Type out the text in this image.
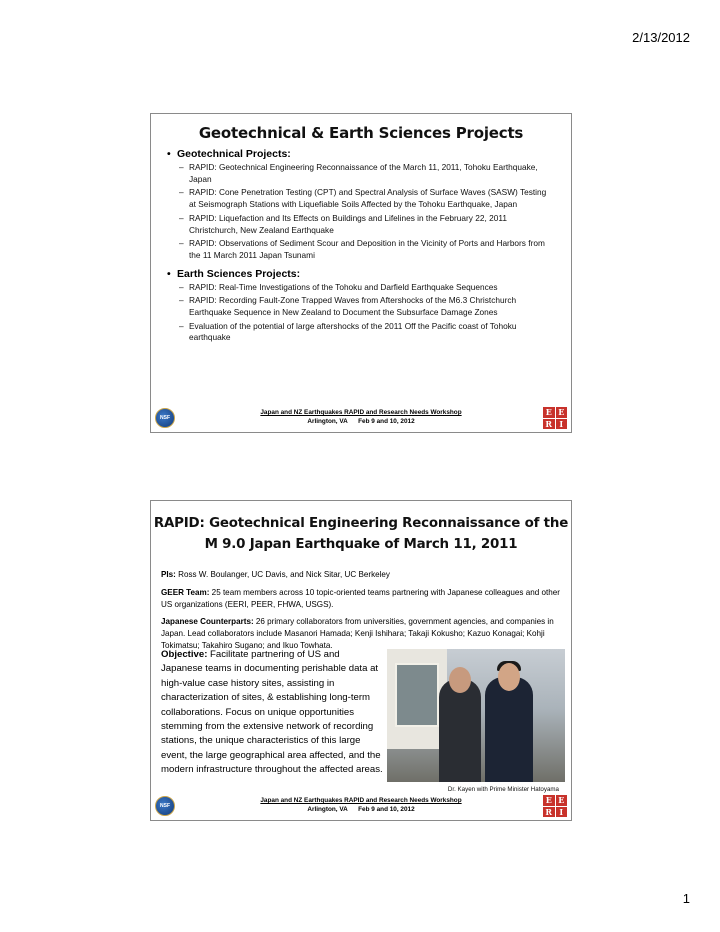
2/13/2012
Geotechnical & Earth Sciences Projects
• Geotechnical Projects:
– RAPID: Geotechnical Engineering Reconnaissance of the March 11, 2011, Tohoku Earthquake, Japan
– RAPID: Cone Penetration Testing (CPT) and Spectral Analysis of Surface Waves (SASW) Testing at Seismograph Stations with Liquefiable Soils Affected by the Tohoku Earthquake, Japan
– RAPID: Liquefaction and Its Effects on Buildings and Lifelines in the February 22, 2011 Christchurch, New Zealand Earthquake
– RAPID: Observations of Sediment Scour and Deposition in the Vicinity of Ports and Harbors from the 11 March 2011 Japan Tsunami
• Earth Sciences Projects:
– RAPID: Real-Time Investigations of the Tohoku and Darfield Earthquake Sequences
– RAPID: Recording Fault-Zone Trapped Waves from Aftershocks of the M6.3 Christchurch Earthquake Sequence in New Zealand to Document the Subsurface Damage Zones
– Evaluation of the potential of large aftershocks of the 2011 Off the Pacific coast of Tohoku earthquake
NSF
Japan and NZ Earthquakes RAPID and Research Needs Workshop
Arlington, VA      Feb 9 and 10, 2012
E E
R I
RAPID: Geotechnical Engineering Reconnaissance of the M 9.0 Japan Earthquake of March 11, 2011

PIs: Ross W. Boulanger, UC Davis, and Nick Sitar, UC Berkeley

GEER Team: 25 team members across 10 topic-oriented teams partnering with Japanese colleagues and other US organizations (EERI, PEER, FHWA, USGS).

Japanese Counterparts: 26 primary collaborators from universities, government agencies, and companies in Japan. Lead collaborators include Masanori Hamada; Kenji Ishihara; Takaji Kokusho; Kazuo Konagai; Kohji Tokimatsu; Takahiro Sugano; and Ikuo Towhata.

Objective: Facilitate partnering of US and Japanese teams in documenting perishable data at high-value case history sites, assisting in characterization of sites, & establishing long-term collaborations. Focus on unique opportunities stemming from the extensive network of recording stations, the unique characteristics of this large event, the large geographical area affected, and the modern infrastructure throughout the affected areas.
Dr. Kayen with Prime Minister Hatoyama
NSF
Japan and NZ Earthquakes RAPID and Research Needs Workshop
Arlington, VA      Feb 9 and 10, 2012
E E
R I
1
